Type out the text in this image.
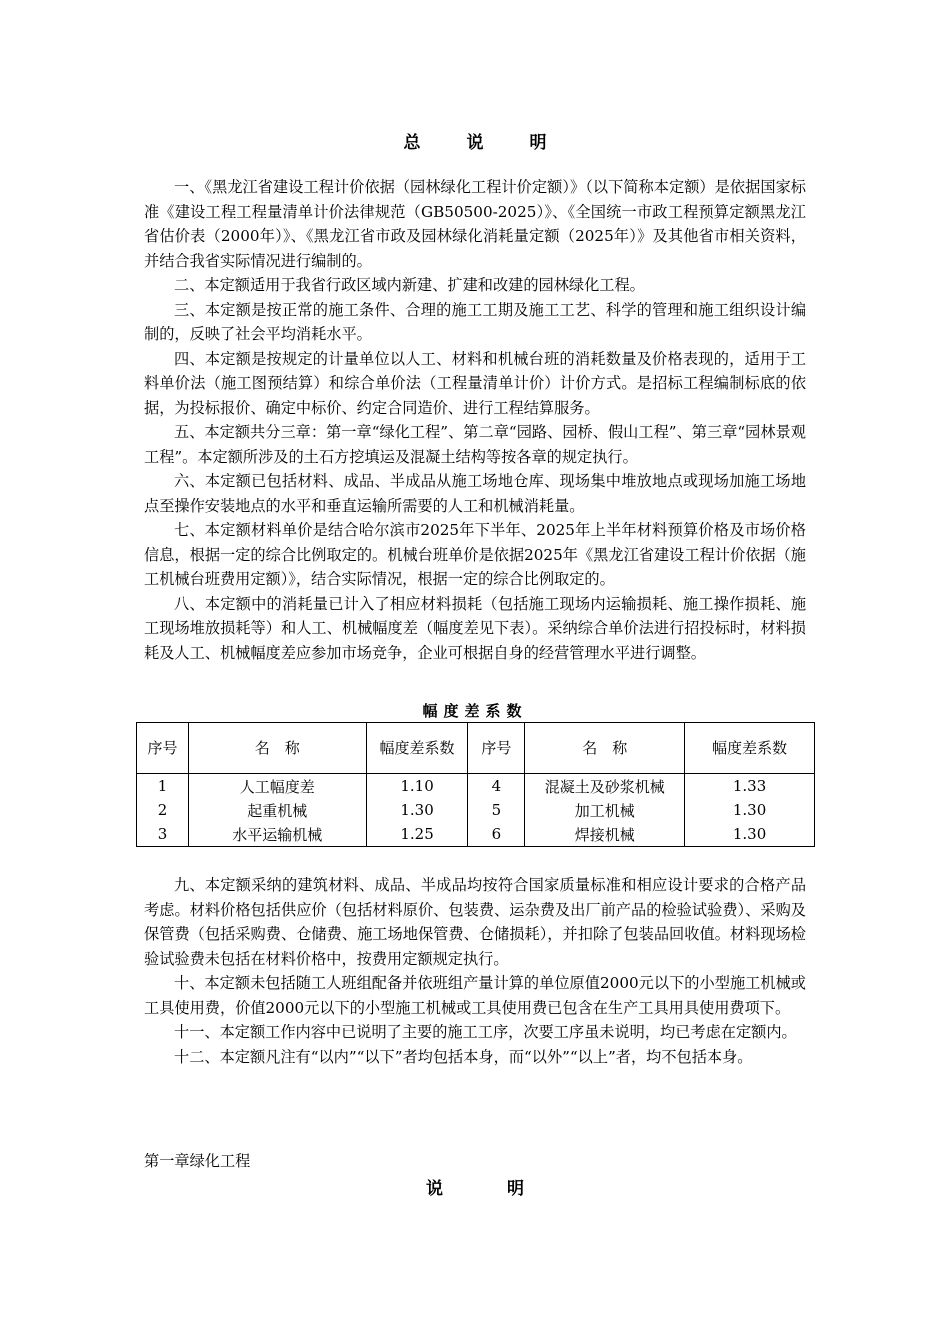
总	说	明

一、《黑龙江省建设工程计价依据（园林绿化工程计价定额）》（以下简称本定额）是依据国家标准《建设工程工程量清单计价法律规范（GB50500-2025）》、《全国统一市政工程预算定额黑龙江省估价表（2000年）》、《黑龙江省市政及园林绿化消耗量定额（2025年）》及其他省市相关资料，并结合我省实际情况进行编制的。

二、本定额适用于我省行政区域内新建、扩建和改建的园林绿化工程。

三、本定额是按正常的施工条件、合理的施工工期及施工工艺、科学的管理和施工组织设计编制的，反映了社会平均消耗水平。

四、本定额是按规定的计量单位以人工、材料和机械台班的消耗数量及价格表现的，适用于工料单价法（施工图预结算）和综合单价法（工程量清单计价）计价方式。是招标工程编制标底的依据，为投标报价、确定中标价、约定合同造价、进行工程结算服务。

五、本定额共分三章：第一章“绿化工程”、第二章“园路、园桥、假山工程”、第三章“园林景观工程”。本定额所涉及的土石方挖填运及混凝土结构等按各章的规定执行。

六、本定额已包括材料、成品、半成品从施工场地仓库、现场集中堆放地点或现场加施工场地点至操作安装地点的水平和垂直运输所需要的人工和机械消耗量。

七、本定额材料单价是结合哈尔滨市2025年下半年、2025年上半年材料预算价格及市场价格信息，根据一定的综合比例取定的。机械台班单价是依据2025年《黑龙江省建设工程计价依据（施工机械台班费用定额）》，结合实际情况，根据一定的综合比例取定的。

八、本定额中的消耗量已计入了相应材料损耗（包括施工现场内运输损耗、施工操作损耗、施工现场堆放损耗等）和人工、机械幅度差（幅度差见下表）。采纳综合单价法进行招投标时，材料损耗及人工、机械幅度差应参加市场竞争，企业可根据自身的经营管理水平进行调整。

幅度差系数
序号	名　称	幅度差系数	序号	名　称	幅度差系数
1	人工幅度差	1.10	4	混凝土及砂浆机械	1.33
2	起重机械	1.30	5	加工机械	1.30
3	水平运输机械	1.25	6	焊接机械	1.30

九、本定额采纳的建筑材料、成品、半成品均按符合国家质量标准和相应设计要求的合格产品考虑。材料价格包括供应价（包括材料原价、包装费、运杂费及出厂前产品的检验试验费）、采购及保管费（包括采购费、仓储费、施工场地保管费、仓储损耗），并扣除了包装品回收值。材料现场检验试验费未包括在材料价格中，按费用定额规定执行。

十、本定额未包括随工人班组配备并依班组产量计算的单位原值2000元以下的小型施工机械或工具使用费，价值2000元以下的小型施工机械或工具使用费已包含在生产工具用具使用费项下。

十一、本定额工作内容中已说明了主要的施工工序，次要工序虽未说明，均已考虑在定额内。

十二、本定额凡注有“以内”“以下”者均包括本身，而“以外”“以上”者，均不包括本身。

第一章绿化工程
说	明
